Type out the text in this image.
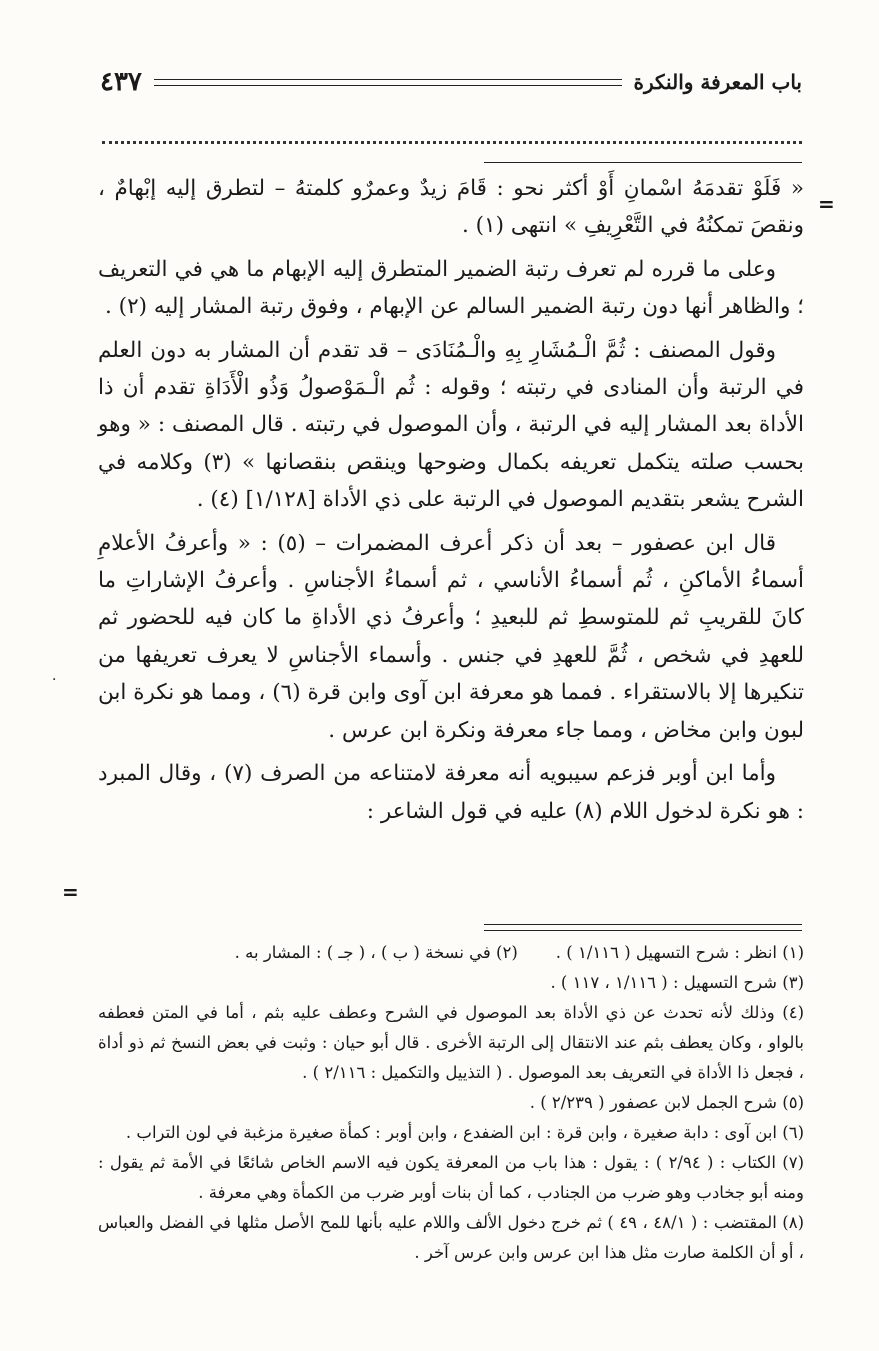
باب المعرفة والنكرة
٤٣٧
=
=
·

« فَلَوْ تقدمَهُ اسْمانِ أَوْ أكثر نحو : قَامَ زيدٌ وعمرٌو كلمتهُ – لتطرق إليه إبْهامٌ ، ونقصَ تمكنُهُ في التَّعْرِيفِ » انتهى (١) .

وعلى ما قرره لم تعرف رتبة الضمير المتطرق إليه الإبهام ما هي في التعريف ؛ والظاهر أنها دون رتبة الضمير السالم عن الإبهام ، وفوق رتبة المشار إليه (٢) .

وقول المصنف : ثُمَّ الْـمُشَارِ بِهِ والْـمُنَادَى – قد تقدم أن المشار به دون العلم في الرتبة وأن المنادى في رتبته ؛ وقوله : ثُم الْـمَوْصولُ وَذُو الْأَدَاةِ تقدم أن ذا الأداة بعد المشار إليه في الرتبة ، وأن الموصول في رتبته . قال المصنف : « وهو بحسب صلته يتكمل تعريفه بكمال وضوحها وينقص بنقصانها » (٣) وكلامه في الشرح يشعر بتقديم الموصول في الرتبة على ذي الأداة [١/١٢٨] (٤) .

قال ابن عصفور – بعد أن ذكر أعرف المضمرات – (٥) : « وأعرفُ الأعلامِ أسماءُ الأماكنِ ، ثُم أسماءُ الأناسي ، ثم أسماءُ الأجناسِ . وأعرفُ الإشاراتِ ما كانَ للقريبِ ثم للمتوسطِ ثم للبعيدِ ؛ وأعرفُ ذي الأداةِ ما كان فيه للحضور ثم للعهدِ في شخص ، ثُمَّ للعهدِ في جنس . وأسماء الأجناسِ لا يعرف تعريفها من تنكيرها إلا بالاستقراء . فمما هو معرفة ابن آوى وابن قرة (٦) ، ومما هو نكرة ابن لبون وابن مخاض ، ومما جاء معرفة ونكرة ابن عرس .

وأما ابن أوبر فزعم سيبويه أنه معرفة لامتناعه من الصرف (٧) ، وقال المبرد : هو نكرة لدخول اللام (٨) عليه في قول الشاعر :

(١) انظر : شرح التسهيل ( ١/١١٦ ) .
(٢) في نسخة ( ب ) ، ( جـ ) : المشار به .

(٣) شرح التسهيل : ( ١/١١٦ ، ١١٧ ) .

(٤) وذلك لأنه تحدث عن ذي الأداة بعد الموصول في الشرح وعطف عليه بثم ، أما في المتن فعطفه بالواو ، وكان يعطف بثم عند الانتقال إلى الرتبة الأخرى . قال أبو حيان : وثبت في بعض النسخ ثم ذو أداة ، فجعل ذا الأداة في التعريف بعد الموصول . ( التذييل والتكميل : ٢/١١٦ ) .

(٥) شرح الجمل لابن عصفور ( ٢/٢٣٩ ) .

(٦) ابن آوى : دابة صغيرة ، وابن قرة : ابن الضفدع ، وابن أوبر : كمأة صغيرة مزغبة في لون التراب .

(٧) الكتاب : ( ٢/٩٤ ) : يقول : هذا باب من المعرفة يكون فيه الاسم الخاص شائعًا في الأمة ثم يقول : ومنه أبو جخادب وهو ضرب من الجنادب ، كما أن بنات أوبر ضرب من الكمأة وهي معرفة .

(٨) المقتضب : ( ٤٨/١ ، ٤٩ ) ثم خرج دخول الألف واللام عليه بأنها للمح الأصل مثلها في الفضل والعباس ، أو أن الكلمة صارت مثل هذا ابن عرس وابن عرس آخر .
